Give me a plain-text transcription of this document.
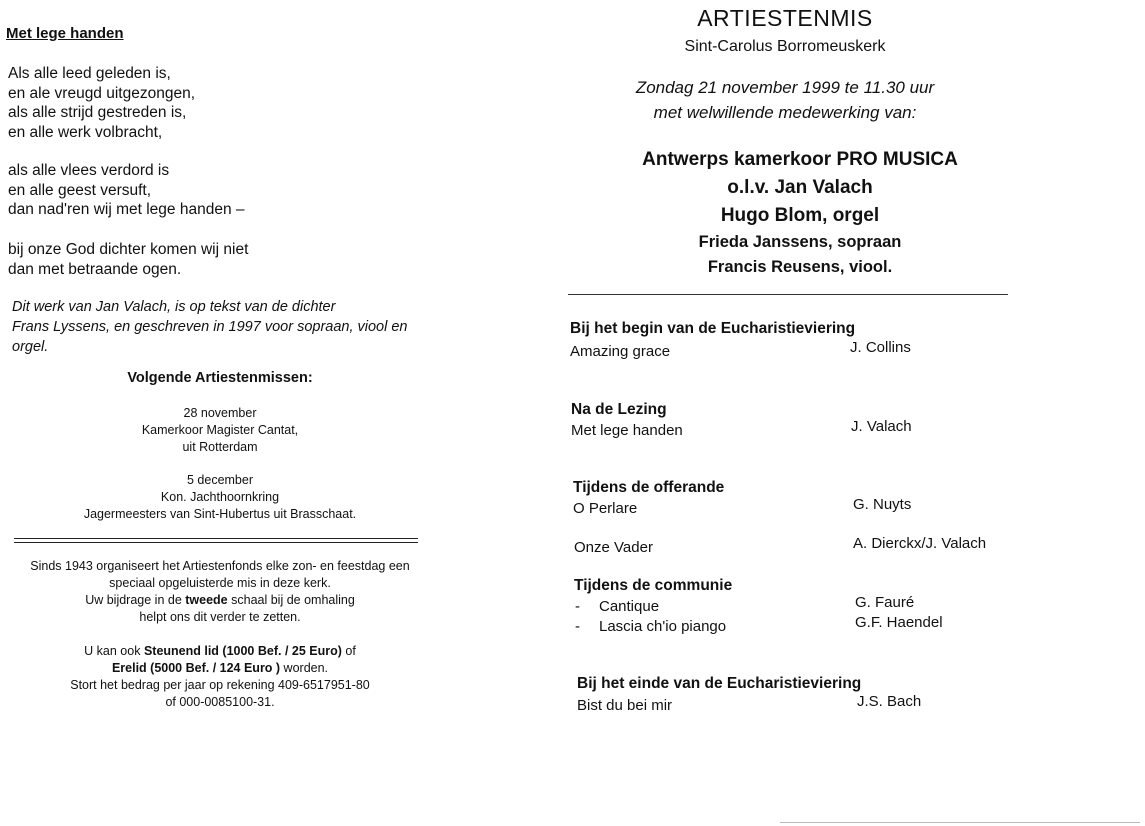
Met lege handen
Als alle leed geleden is,
en ale vreugd uitgezongen,
als alle strijd gestreden is,
en alle werk volbracht,
als alle vlees verdord is
en alle geest versuft,
dan nad'ren wij met lege handen –
bij onze God dichter komen wij niet
dan met betraande ogen.
Dit werk van Jan Valach, is op tekst van de dichter
Frans Lyssens, en geschreven in 1997 voor sopraan, viool en
orgel.
Volgende Artiestenmissen:
28 november
Kamerkoor Magister Cantat,
uit Rotterdam
5 december
Kon. Jachthoornkring
Jagermeesters van Sint-Hubertus uit Brasschaat.
Sinds 1943 organiseert het Artiestenfonds elke zon- en feestdag een
speciaal opgeluisterde mis in deze kerk.
Uw bijdrage in de tweede schaal bij de omhaling
helpt ons dit verder te zetten.
U kan ook Steunend lid (1000 Bef. / 25 Euro) of
Erelid (5000 Bef. / 124 Euro ) worden.
Stort het bedrag per jaar op rekening 409-6517951-80
of 000-0085100-31.
ARTIESTENMIS
Sint-Carolus Borromeuskerk
Zondag 21 november 1999 te 11.30 uur
met welwillende medewerking van:
Antwerps kamerkoor PRO MUSICA
o.l.v. Jan Valach
Hugo Blom, orgel
Frieda Janssens, sopraan
Francis Reusens, viool.
Bij het begin van de Eucharistieviering
Amazing grace	J. Collins
Na de Lezing
Met lege handen	J. Valach
Tijdens de offerande
O Perlare	G. Nuyts
Onze Vader	A. Dierckx/J. Valach
Tijdens de communie
- Cantique	G. Fauré
- Lascia ch'io piango	G.F. Haendel
Bij het einde van de Eucharistieviering
Bist du bei mir	J.S. Bach
